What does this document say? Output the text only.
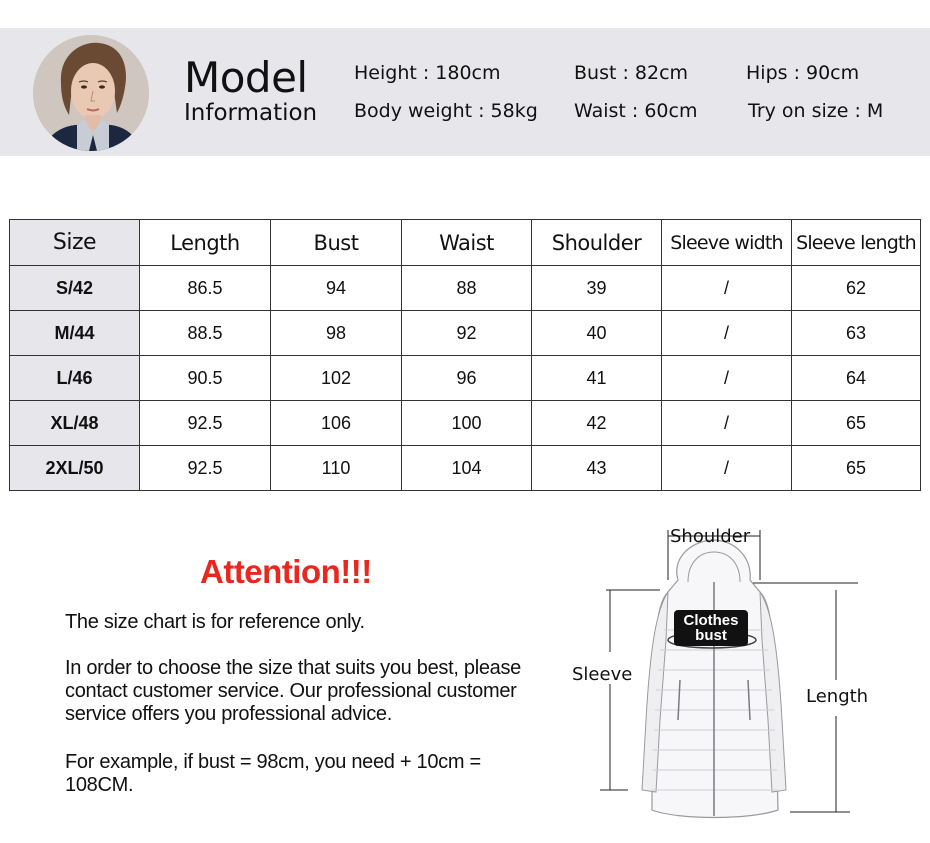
Model
Information
Height : 180cm	Bust : 82cm	Hips : 90cm
Body weight : 58kg Waist : 60cm	Try on size : M
Size	Length	Bust	Waist	Shoulder	Sleeve width	Sleeve length
S/42	86.5	94	88	39	/	62
M/44	88.5	98	92	40	/	63
L/46	90.5	102	96	41	/	64
XL/48	92.5	106	100	42	/	65
2XL/50	92.5	110	104	43	/	65
Attention!!!
The size chart is for reference only.
In order to choose the size that suits you best, please contact customer service. Our professional customer service offers you professional advice.
For example, if bust = 98cm, you need + 10cm = 108CM.
Shoulder
Sleeve
Length
Clothes
bust
